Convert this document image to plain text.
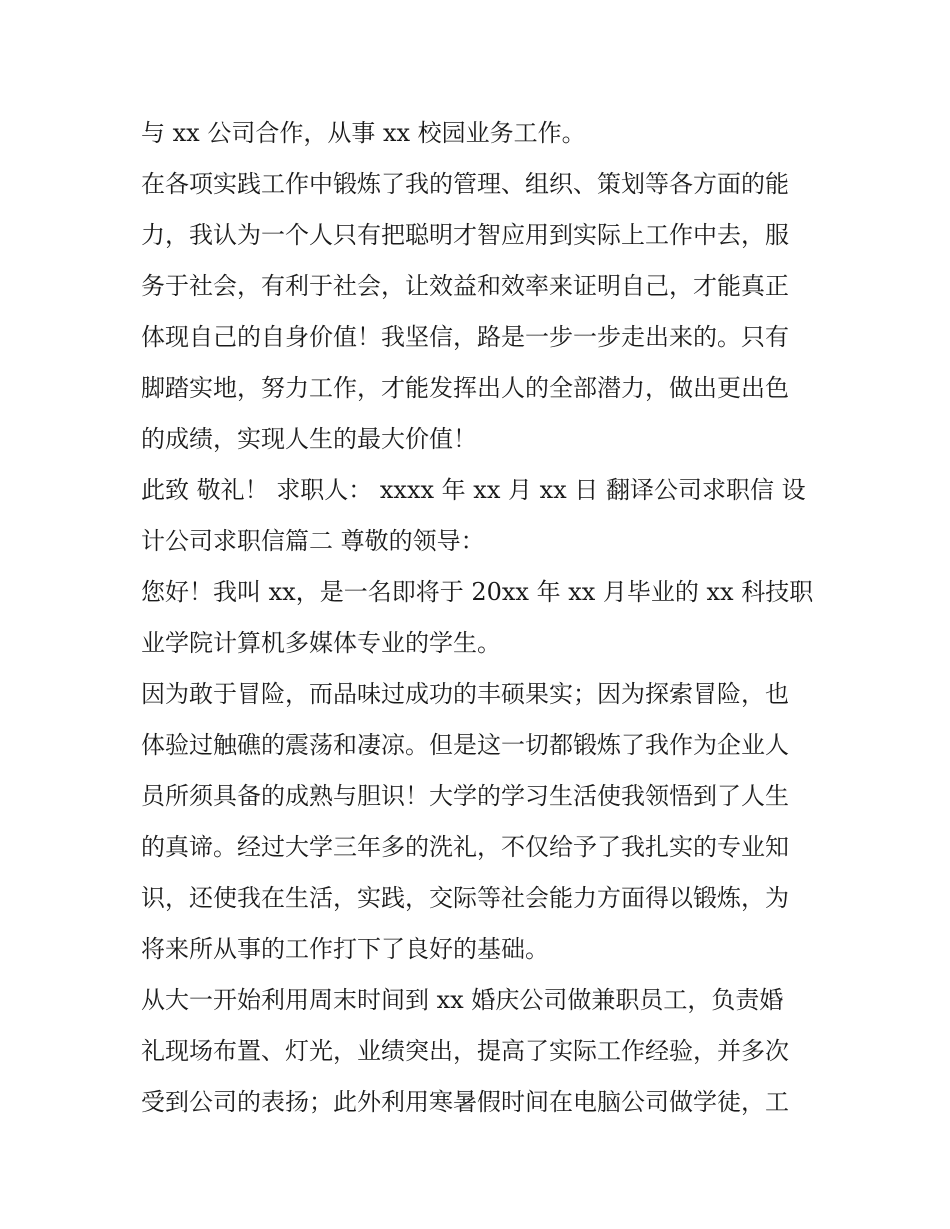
与 xx 公司合作，从事 xx 校园业务工作。
在各项实践工作中锻炼了我的管理、组织、策划等各方面的能
力，我认为一个人只有把聪明才智应用到实际上工作中去，服
务于社会，有利于社会，让效益和效率来证明自己，才能真正
体现自己的自身价值！我坚信，路是一步一步走出来的。只有
脚踏实地，努力工作，才能发挥出人的全部潜力，做出更出色
的成绩，实现人生的最大价值！
此致 敬礼！ 求职人： xxxx 年 xx 月 xx 日 翻译公司求职信 设
计公司求职信篇二 尊敬的领导：
您好！我叫 xx，是一名即将于 20xx 年 xx 月毕业的 xx 科技职
业学院计算机多媒体专业的学生。
因为敢于冒险，而品味过成功的丰硕果实；因为探索冒险，也
体验过触礁的震荡和凄凉。但是这一切都锻炼了我作为企业人
员所须具备的成熟与胆识！大学的学习生活使我领悟到了人生
的真谛。经过大学三年多的洗礼，不仅给予了我扎实的专业知
识，还使我在生活，实践，交际等社会能力方面得以锻炼，为
将来所从事的工作打下了良好的基础。
从大一开始利用周末时间到 xx 婚庆公司做兼职员工，负责婚
礼现场布置、灯光，业绩突出，提高了实际工作经验，并多次
受到公司的表扬；此外利用寒暑假时间在电脑公司做学徒，工
